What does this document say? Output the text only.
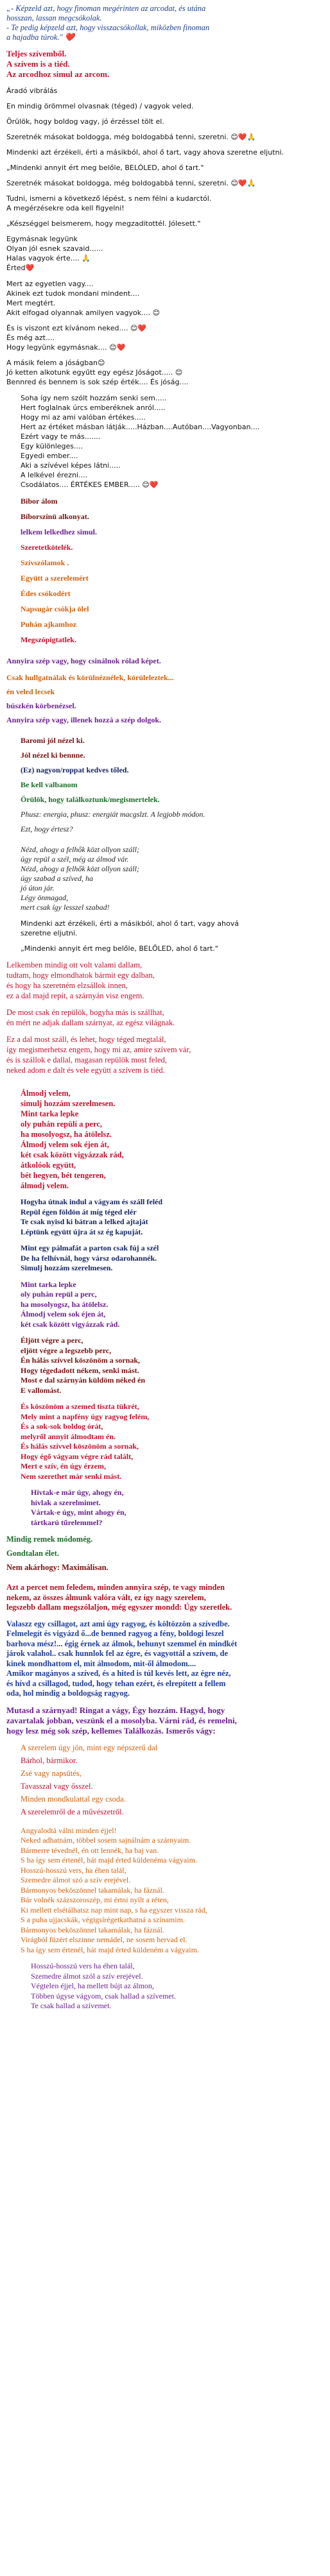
„- Képzeld azt, hogy finoman megérinten az arcodat, és utána

hosszan, lassan megcsókolak.

- Te pedig képzeld azt, hogy visszacsókollak, miközben finoman

a hajadba túrok." ❤️

Teljes szívemből.

A szívem is a tiéd.

Az arcodhoz simul az arcom.

Áradó vibrálás

En mindig örömmel olvasnak (téged) / vagyok veled.

Örülök, hogy boldog vagy, jó érzéssel tölt el.

Szeretnék másokat boldogga, még boldogabbá tenni, szeretni. 😊❤️🙏

Mindenki azt érzékeli, érti a másikból, ahol ő tart, vagy ahova szeretne eljutni.

„Mindenki annyit ért meg belőle, BELÓLED, ahol ő tart."

Szeretnék másokat boldogga, még boldogabbá tenni, szeretni. 😊❤️🙏

Tudni, ismerni a következő lépést, s nem félni a kudarctól.

A megérzésekre oda kell figyelni!

„Készséggel beismerem, hogy megzaditottél. Jólesett."

Egymásnak legyünk

Olyan jól esnek szavaid......

Halas vagyok érte.... 🙏

Érted❤️

Mert az egyetlen vagy....

Akinek ezt tudok mondani mindent....

Mert megtért.

Akit elfogad olyannak amilyen vagyok.... 😊

És is viszont ezt kívánom neked.... 😊❤️

És még azt....

Hogy legyünk egymásnak.... 😊❤️

A másik felem a jóságban😊

Jó ketten alkotunk egyűtt egy egész Jóságot..... 😊

Bennred és bennem is sok szép érték.... És jóság....

Soha így nem szólt hozzám senki sem.....

Hert foglalnak úrcs emberéknek anról.....

Hogy mi az ami valóban értékes.....

Hert az értéket másban látják.....Házban....Autóban....Vagyonban....

Ezért vagy te más.......

Egy különleges....

Egyedi ember....

Aki a szívével képes látni.....

A lelkével érezni....

Csodálatos.... ÉRTÉKES EMBER..... 😊❤️

Bibor álom

Bíborszínü alkonyat.

lelkem lelkedhez simul.

Szeretetkötelék.

Szívszólamok .

Együtt a szerelemért

Édes csókodért

Napsugár csókja ölel

Puhán ajkamhoz

Megszópigtatlek.

Annyira szép vagy, hogy csinálnok rólad képet.

Csak hullgatnálak és körülnéznélek, körüleleztek...

én veled lecsek

búszkén körbenézsel.

Annyira szép vagy, illenek hozzá a szép dolgok.

Baromi jól nézel ki.

Jól nézel ki bennne.

(Ez) nagyon/roppat kedves tőled.

Be kell valbanom

Örülök, hogy találkoztunk/megismertelek.

Phusz: energia, phusz: energiát macgslzt. A legjobb módon.

Ezt, hogy értesz?

Nézd, ahogy a felhők közt ollyon száll;

úgy repül a szél, még az álmod vár.

Nézd, ahogy a felhők közt ollyon száll;

úgy szabad a szíved, ha

jó úton jár.

Légy önmagad,

mert csak így lesszel szabad!

Mindenki azt érzékeli, érti a másikból, ahol ő tart, vagy ahová

szeretne eljutni.

„Mindenki annyit ért meg belőle, BELŐLED, ahol ő tart."

Lelkemben mindig ott volt valami dallam,

tudtam, hogy elmondhatok bármit egy dalban,

és hogy ha szeretném elzsállok innen,

ez a dal majd repít, a szárnyán visz engem.

De most csak én repülök, bogyha más is szállhat,

én mért ne adjak dallam szárnyat, az egész világnak.

Ez a dal most száll, és lehet, hogy téged megtalál,

így megismerhetsz engem, hogy mi az, amire szívem vár,

és is szállok e dallal, magasan repülök most feled,

neked adom e dalt és vele együtt a szívem is tiéd.

Álmodj velem,

simulj hozzám szerelmesen.

Mint tarka lepke

oly puhán repülí a perc,

ha mosolyogsz, ha átölelsz.

Álmodj velem sok éjen át,

két csak között vigyázzak rád,

átkolóok együtt,

bét hegyen, bét tengeren,

álmodj velem.

Hogyha útnak indul a vágyam és száll feléd

Repül égen földön át míg téged elér

Te csak nyisd ki bátran a lelked ajtaját

Léptünk együtt újra át sz ég kapuját.

Mint egy pálmafát a parton csak fúj a szél

De ha felhívnál, hogy vársz odarohannék.

Simulj hozzám szerelmesen.

Mint tarka lepke

oly puhán repül a perc,

ha mosolyogsz, ha átölelsz.

Álmodj velem sok éjen át,

két csak között vigyázzak rád.

Éljött végre a perc,

eljött végre a legszebb perc,

Én hálás szívvel köszönöm a sornak,

Hogy tégedadott nékem, senki mást.

Most e dal szárnyán küldöm néked én

E vallomást.

És köszönöm a szemed tiszta tükrét,

Mely mint a napfény úgy ragyog felém,

És a sok-sok boldog órát,

melyről annyit álmodtam én.

És hálás szívvel köszönöm a sornak,

Hogy égő vágyam végre rád talált,

Mert e szív, én úgy érzem,

Nem szerethet már senki mást.

Hívtak-e már úgy, ahogy én,

hívlak a szerelmimet.

Vártak-e úgy, mint ahogy én,

tártkarú tűrelemmel?

Mindig remek módomég.

Gondtalan élet.

Nem akárhogy: Maximálisan.

Azt a percet nem feledem, minden annyira szép, te vagy minden

nekem, az összes álmunk valóra vált, ez így nagy szerelem,

legszebb dallam megszólaljon, még egyszer mondd: Úgy szeretlek.

Valaszz egy csillagot, azt ami úgy ragyog, és költözzön a szívedbe.

Felmelegít és vigyázd ő...de benned ragyog a fény, boldogí leszel

barhova mész!... égig érnek az álmok, behunyt szemmel én mindkét

járok valahol.. csak hunnlok fel az égre, és vagyottál a szívem, de

kinek mondhattom el, mit álmodom, mit-ől álmodom....

Amikor magányos a szíved, és a hited is túl kevés lett, az égre néz,

és hívd a csillagod, tudod, hogy tehan ezért, és elrepített a fellem

oda, hol mindig a boldogság ragyog.

Mutasd a szárnyad! Ringat a vágy, Égy hozzám. Hagyd, hogy

zavartalak jobban, veszünk el a mosolyba. Várni rád, és remelni,

hogy lesz még sok szép, kellemes Találkozás. Ismerős vágy:

A szerelem úgy jön, mint egy népszerű dal

Bárhol, bármikor.

Zsé vagy napsütés,

Tavasszal vagy ősszel.

Minden mondkulattal egy csoda.

A szerelemről de a művészetről.

Angyalodtá válni minden éjjel!

Neked adhatnám, többel sosem sajnálnám a szárnyaim.

Bármerre tévednél, én ott lennék, ha baj van.

S ha így sem értenél, hát majd érted küldenéma vágyaim.

Hosszú-hosszú vers, ha éhen talál,

Szemedre álmot szó a szív erejével.

Bármonyos beköszönnel takarnálak, ha fáznál.

Bár volnék százszoroszép, mi értni nyílt a réten,

Ki mellett elsétálhatsz nap mint nap, s ha egyszer vissza rád,

S a puha ujjacskák, végigsírégetkathatná a színamim.

Bármonyos beköszönnel takarnálak, ha fáznál.

Virágból füzért elszinne nemádel, ne sosem hervad el.

S ha így sem értenél, hát majd érted küldeném a vágyaim.

Hosszú-hosszú vers ha éhen talál,

Szemedre álmot szól a szív erejével.

Végtelen éjjel, ha mellett bújt az álmon,

Többen úgyse vágyom, csak hallad a szívemet.

Te csak hallad a szívemet.
